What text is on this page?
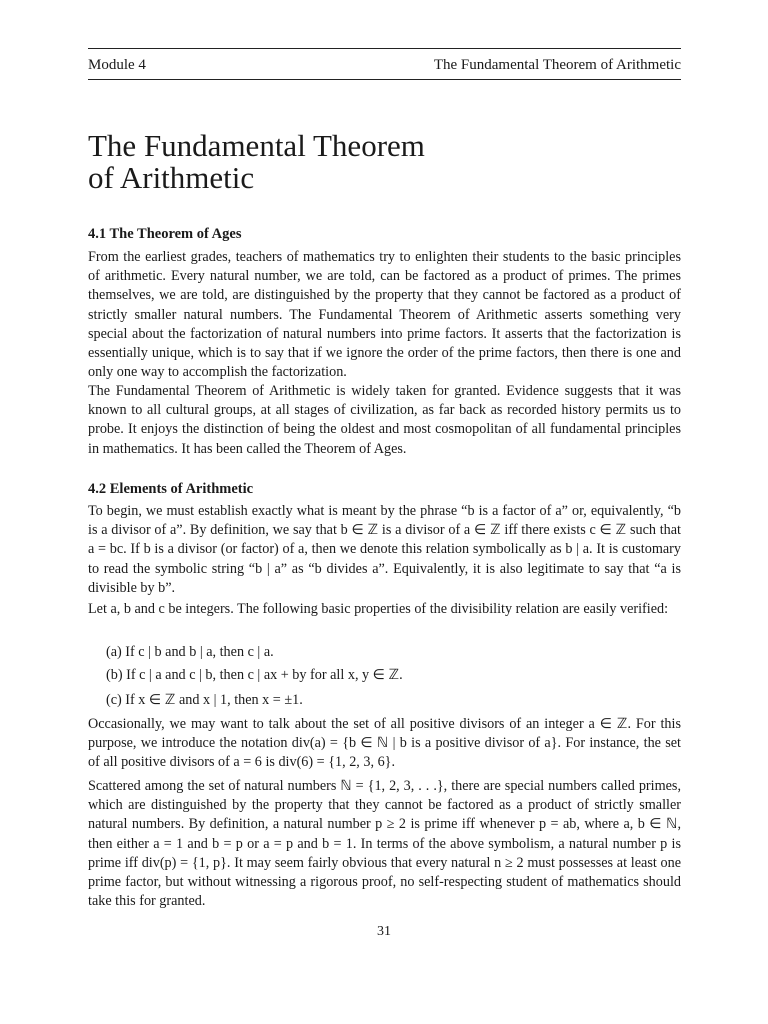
Module 4	The Fundamental Theorem of Arithmetic
The Fundamental Theorem
of Arithmetic
4.1 The Theorem of Ages

From the earliest grades, teachers of mathematics try to enlighten their students to the basic principles of arithmetic. Every natural number, we are told, can be factored as a product of primes. The primes themselves, we are told, are distinguished by the property that they cannot be factored as a product of strictly smaller natural numbers. The Fundamental Theorem of Arithmetic asserts something very special about the factorization of natural numbers into prime factors. It asserts that the factorization is essentially unique, which is to say that if we ignore the order of the prime factors, then there is one and only one way to accomplish the factorization.

The Fundamental Theorem of Arithmetic is widely taken for granted. Evidence suggests that it was known to all cultural groups, at all stages of civilization, as far back as recorded history permits us to probe. It enjoys the distinction of being the oldest and most cosmopolitan of all fundamental principles in mathematics. It has been called the Theorem of Ages.

4.2 Elements of Arithmetic

To begin, we must establish exactly what is meant by the phrase “b is a factor of a” or, equivalently, “b is a divisor of a”. By definition, we say that b ∈ ℤ is a divisor of a ∈ ℤ iff there exists c ∈ ℤ such that a = bc. If b is a divisor (or factor) of a, then we denote this relation symbolically as b | a. It is customary to read the symbolic string “b | a” as “b divides a”. Equivalently, it is also legitimate to say that “a is divisible by b”.

Let a, b and c be integers. The following basic properties of the divisibility relation are easily verified:

(a) If c | b and b | a, then c | a.
(b) If c | a and c | b, then c | ax + by for all x, y ∈ ℤ.
(c) If x ∈ ℤ and x | 1, then x = ±1.

Occasionally, we may want to talk about the set of all positive divisors of an integer a ∈ ℤ. For this purpose, we introduce the notation div(a) = {b ∈ ℕ | b is a positive divisor of a}. For instance, the set of all positive divisors of a = 6 is div(6) = {1, 2, 3, 6}.

Scattered among the set of natural numbers ℕ = {1, 2, 3, . . .}, there are special numbers called primes, which are distinguished by the property that they cannot be factored as a product of strictly smaller natural numbers. By definition, a natural number p ≥ 2 is prime iff whenever p = ab, where a, b ∈ ℕ, then either a = 1 and b = p or a = p and b = 1. In terms of the above symbolism, a natural number p is prime iff div(p) = {1, p}. It may seem fairly obvious that every natural n ≥ 2 must possesses at least one prime factor, but without witnessing a rigorous proof, no self-respecting student of mathematics should take this for granted.

31
